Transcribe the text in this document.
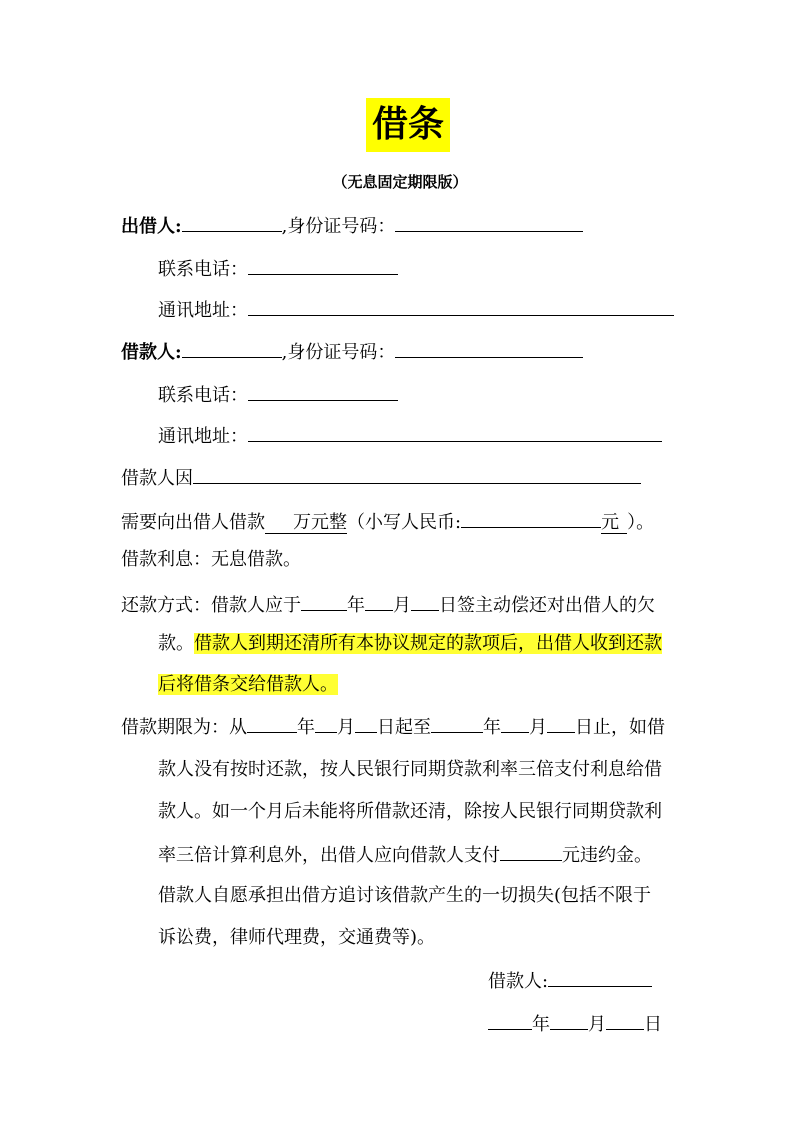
借条
（无息固定期限版）
出借人:	,身份证号码：
联系电话：
通讯地址：
借款人:	,身份证号码：
联系电话：
通讯地址：
借款人因
需要向出借人借款 万元整（小写人民币:	元 ）。
借款利息：无息借款。
还款方式：借款人应于	年 月 日签主动偿还对出借人的欠
款。借款人到期还清所有本协议规定的款项后，出借人收到还款
后将借条交给借款人。
借款期限为：从	年 月 日起至	年 月 日止，如借
款人没有按时还款，按人民银行同期贷款利率三倍支付利息给借
款人。如一个月后未能将所借款还清，除按人民银行同期贷款利
率三倍计算利息外，出借人应向借款人支付	元违约金。
借款人自愿承担出借方追讨该借款产生的一切损失(包括不限于
诉讼费，律师代理费，交通费等)。
借款人:
年 月 日
